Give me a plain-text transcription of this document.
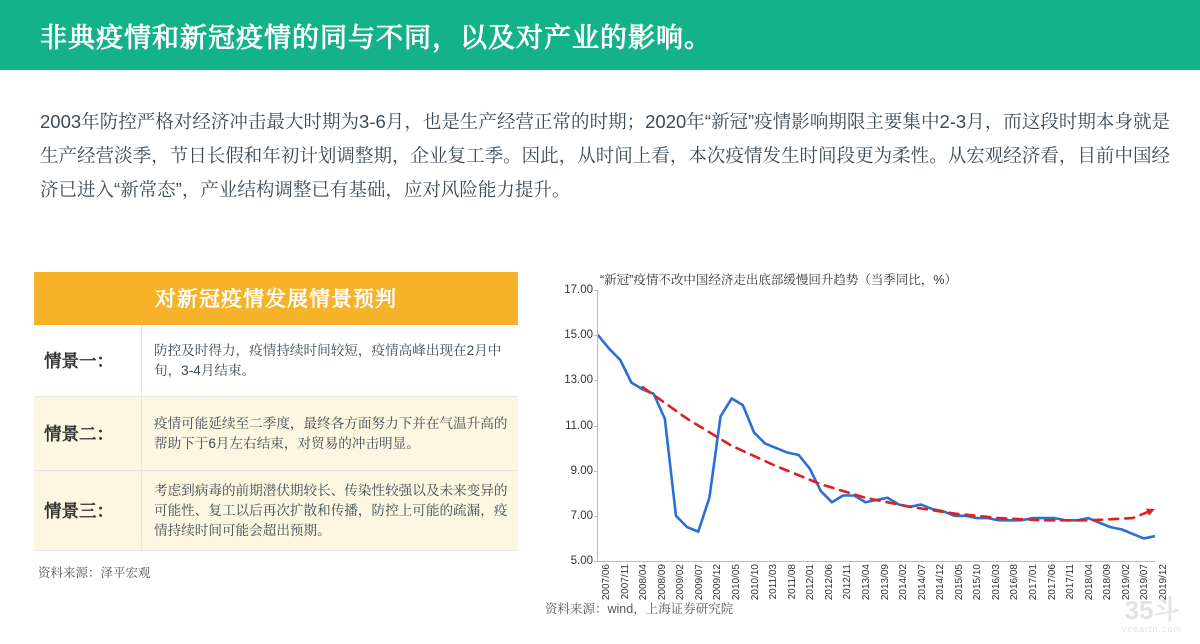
非典疫情和新冠疫情的同与不同，以及对产业的影响。
2003年防控严格对经济冲击最大时期为3-6月，也是生产经营正常的时期；2020年“新冠”疫情影响期限主要集中2-3月，而这段时期本身就是生产经营淡季，节日长假和年初计划调整期，企业复工季。因此，从时间上看，本次疫情发生时间段更为柔性。从宏观经济看，目前中国经济已进入“新常态”，产业结构调整已有基础，应对风险能力提升。
对新冠疫情发展情景预判
情景一：
防控及时得力，疫情持续时间较短，疫情高峰出现在2月中旬，3-4月结束。
情景二：
疫情可能延续至二季度，最终各方面努力下并在气温升高的帮助下于6月左右结束，对贸易的冲击明显。
情景三：
考虑到病毒的前期潜伏期较长、传染性较强以及未来变异的可能性、复工以后再次扩散和传播，防控上可能的疏漏，疫情持续时间可能会超出预期。
资料来源：泽平宏观
“新冠”疫情不改中国经济走出底部缓慢回升趋势（当季同比，%）
5.00
7.00
9.00
11.00
13.00
15.00
17.00
2007/06 2007/11 2008/04 2008/09 2009/02 2009/07 2009/12 2010/05 2010/10 2011/03 2011/08 2012/01 2012/06 2012/11 2013/04 2013/09 2014/02 2014/07 2014/12 2015/05 2015/10 2016/03 2016/08 2017/01 2017/06 2017/11 2018/04 2018/09 2019/02 2019/07 2019/12
资料来源：wind，上海证券研究院	35斗
vcearth.com
